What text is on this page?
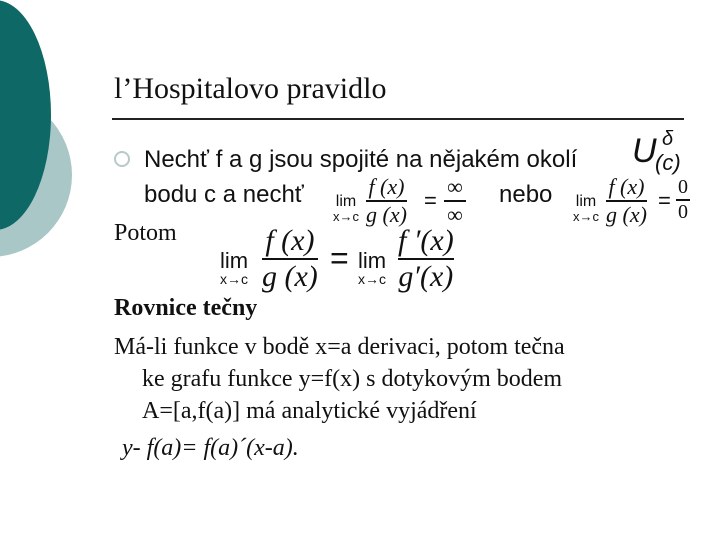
l’Hospitalovo pravidlo
Nechť f a g jsou spojité na nějakém okolí U δ
(c)
bodu c a nechť lim
x→c
f (x)
g (x)
=
∞
∞
nebo lim
x→c
f (x)
g (x)
=
0
0
Potom
lim
x→c
f (x)
g (x)
= lim
x→c
f ′(x)
g′(x)
Rovnice tečny
Má-li funkce v bodě x=a derivaci, potom tečna
ke grafu funkce y=f(x) s dotykovým bodem
A=[a,f(a)] má analytické vyjádření
y- f(a)= f(a)´(x-a).
